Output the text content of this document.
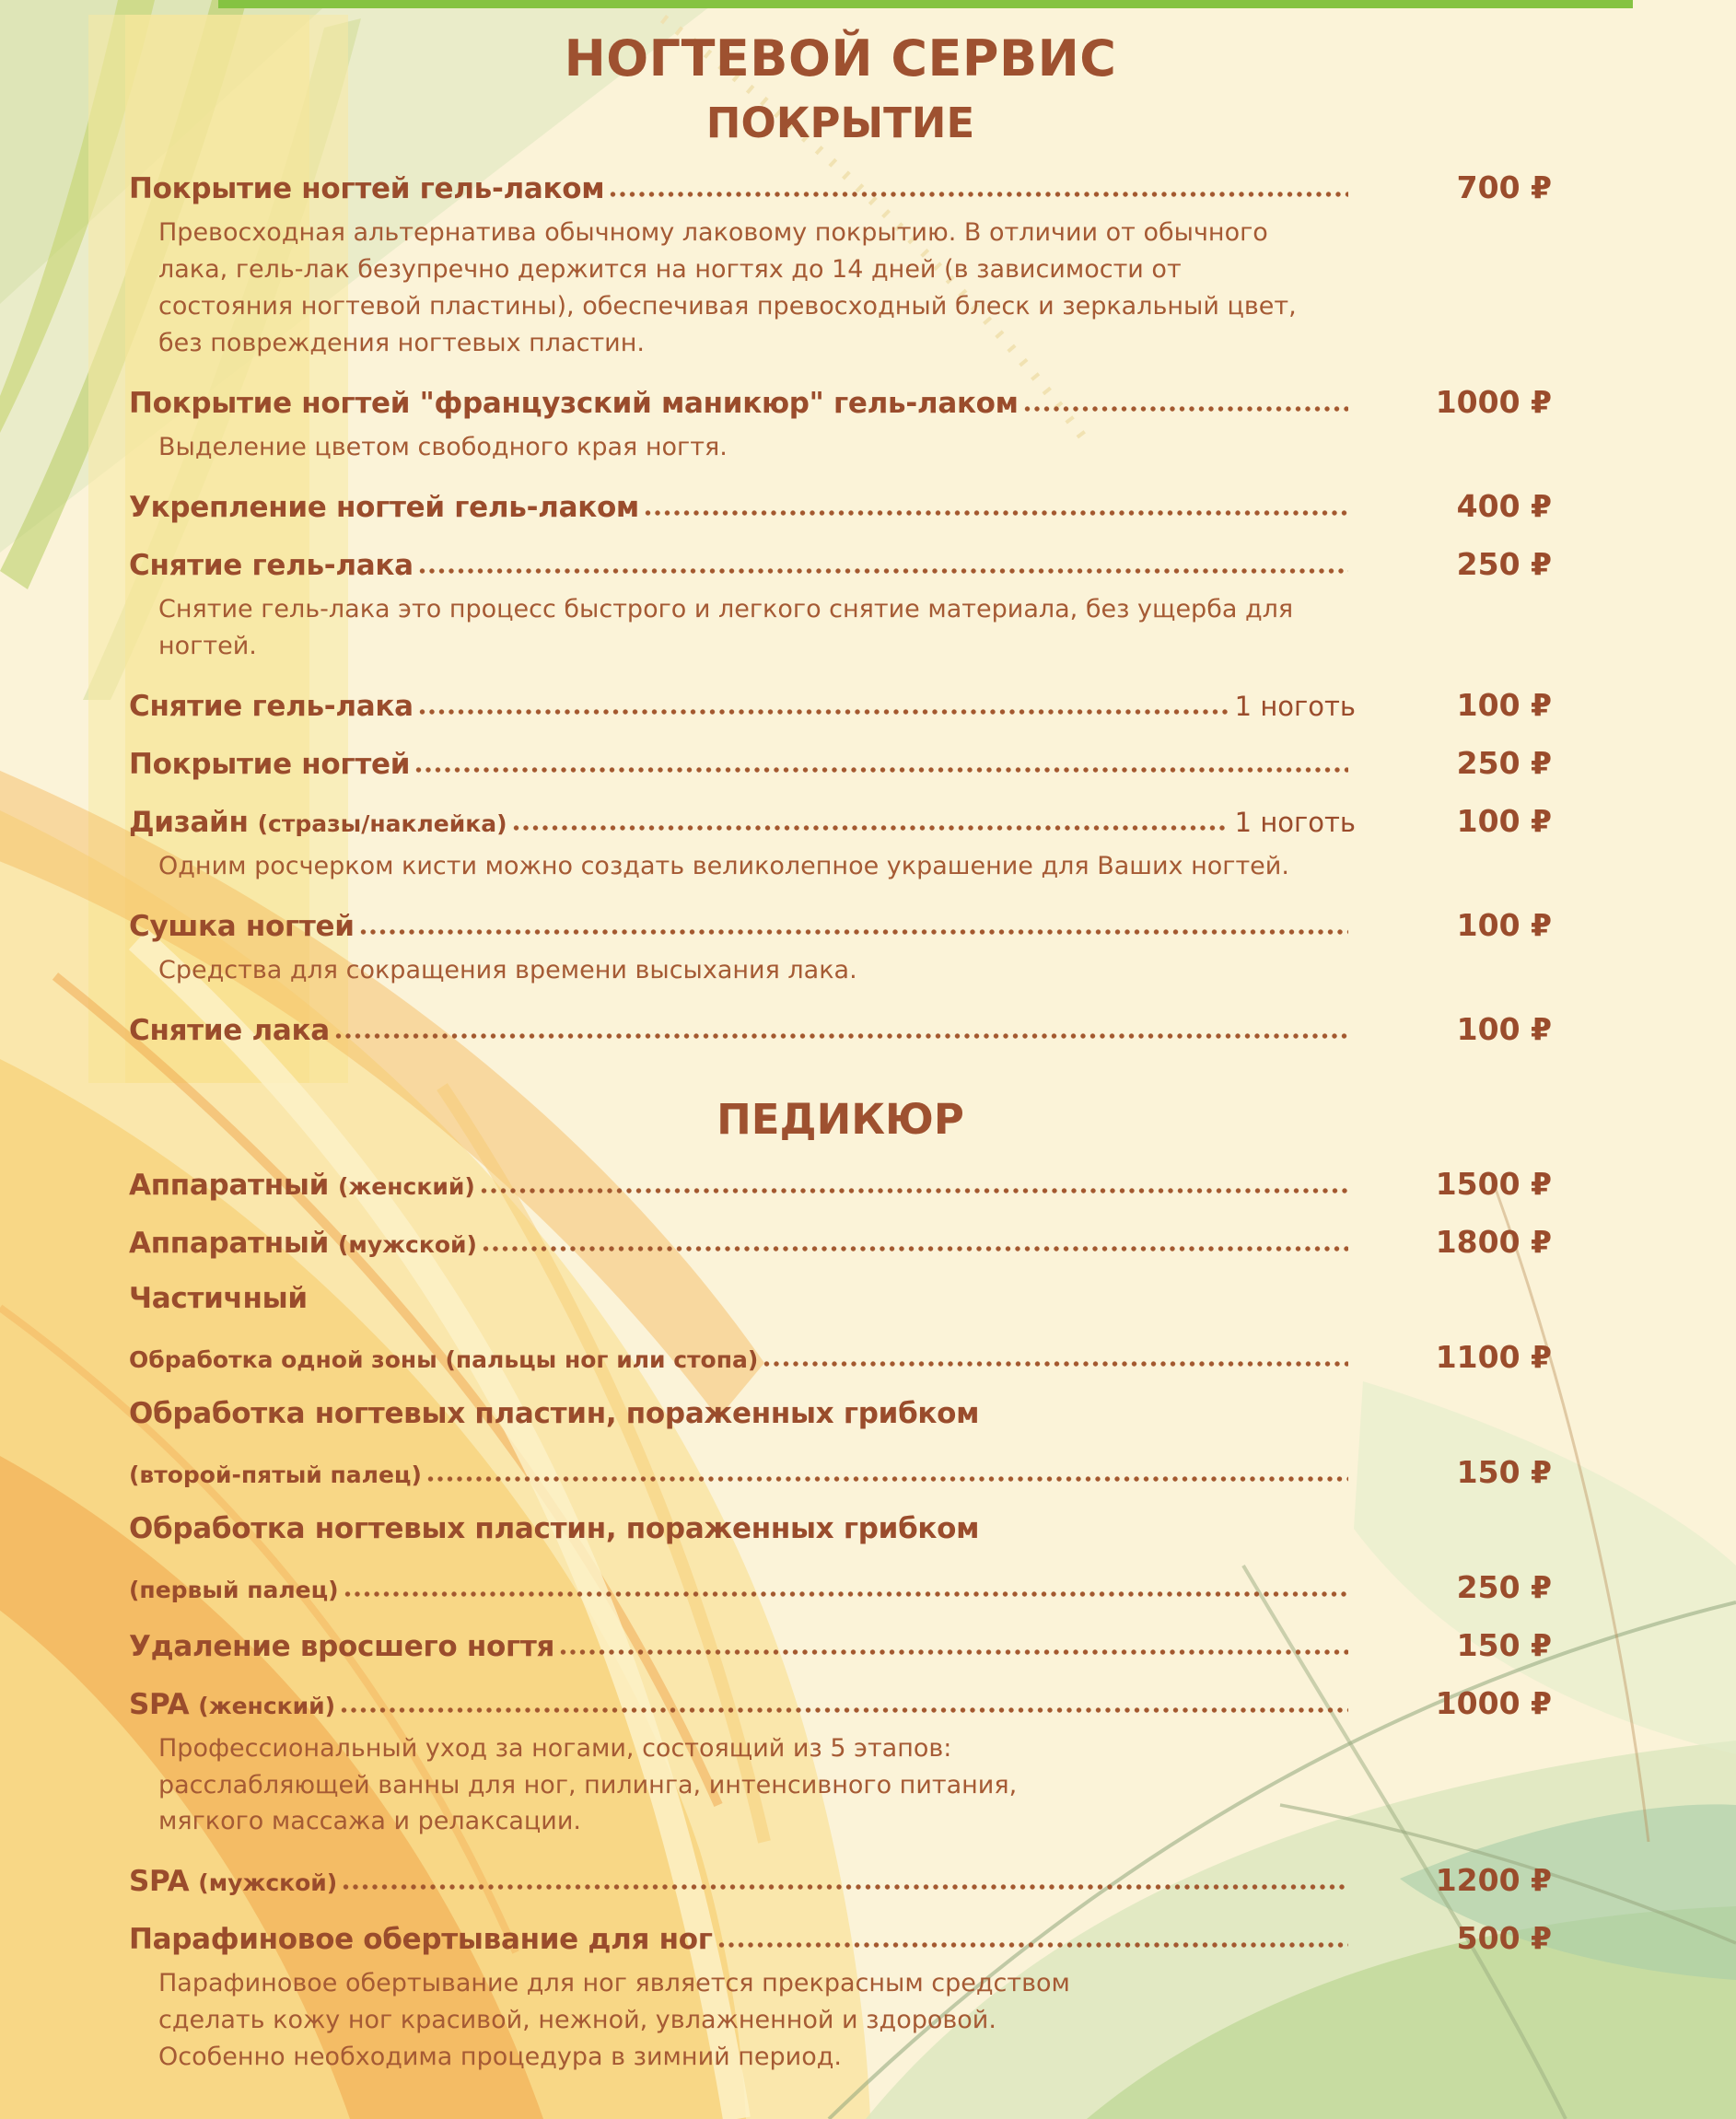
НОГТЕВОЙ СЕРВИС
ПОКРЫТИЕ
Покрытие ногтей гель-лаком	700 ₽

Превосходная альтернатива обычному лаковому покрытию. В отличии от обычного лака, гель-лак безупречно держится на ногтях до 14 дней (в зависимости от состояния ногтевой пластины), обеспечивая превосходный блеск и зеркальный цвет, без повреждения ногтевых пластин.

Покрытие ногтей "французский маникюр" гель-лаком	1000 ₽

Выделение цветом свободного края ногтя.

Укрепление ногтей гель-лаком	400 ₽
Снятие гель-лака	250 ₽

Снятие гель-лака это процесс быстрого и легкого снятие материала, без ущерба для ногтей.

Снятие гель-лака	1 ноготь	100 ₽
Покрытие ногтей	250 ₽
Дизайн (стразы/наклейка)	1 ноготь	100 ₽

Одним росчерком кисти можно создать великолепное украшение для Ваших ногтей.

Сушка ногтей	100 ₽

Средства для сокращения времени высыхания лака.

Снятие лака	100 ₽
ПЕДИКЮР
Аппаратный (женский)	1500 ₽
Аппаратный (мужской)	1800 ₽
Частичный
Обработка одной зоны (пальцы ног или стопа)	1100 ₽
Обработка ногтевых пластин, пораженных грибком
(второй-пятый палец)	150 ₽
Обработка ногтевых пластин, пораженных грибком
(первый палец)	250 ₽
Удаление вросшего ногтя	150 ₽
SPA (женский)	1000 ₽

Профессиональный уход за ногами, состоящий из 5 этапов: расслабляющей ванны для ног, пилинга, интенсивного питания, мягкого массажа и релаксации.

SPA (мужской)	1200 ₽
Парафиновое обертывание для ног	500 ₽

Парафиновое обертывание для ног является прекрасным средством сделать кожу ног красивой, нежной, увлажненной и здоровой. Особенно необходима процедура в зимний период.
